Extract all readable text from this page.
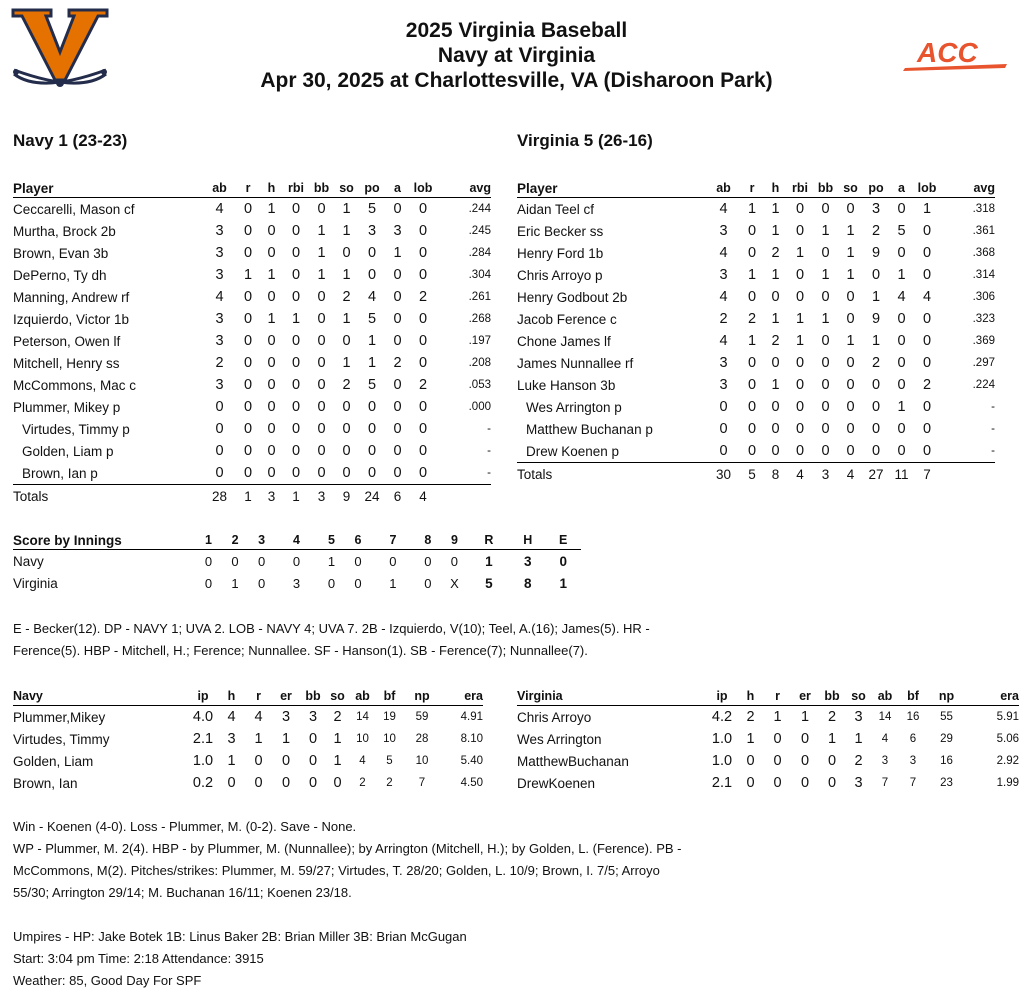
2025 Virginia Baseball
Navy at Virginia
Apr 30, 2025 at Charlottesville, VA (Disharoon Park)
ACC
Navy 1 (23-23)	Virginia 5 (26-16)
Player	ab	r	h	rbi	bb	so	po	a	lob	avg
Ceccarelli, Mason cf	4	0	1	0	0	1	5	0	0	.244
Murtha, Brock 2b	3	0	0	0	1	1	3	3	0	.245
Brown, Evan 3b	3	0	0	0	1	0	0	1	0	.284
DePerno, Ty dh	3	1	1	0	1	1	0	0	0	.304
Manning, Andrew rf	4	0	0	0	0	2	4	0	2	.261
Izquierdo, Victor 1b	3	0	1	1	0	1	5	0	0	.268
Peterson, Owen lf	3	0	0	0	0	0	1	0	0	.197
Mitchell, Henry ss	2	0	0	0	0	1	1	2	0	.208
McCommons, Mac c	3	0	0	0	0	2	5	0	2	.053
Plummer, Mikey p	0	0	0	0	0	0	0	0	0	.000
Virtudes, Timmy p	0	0	0	0	0	0	0	0	0	-
Golden, Liam p	0	0	0	0	0	0	0	0	0	-
Brown, Ian p	0	0	0	0	0	0	0	0	0	-
Totals	28	1	3	1	3	9	24	6	4	
Player	ab	r	h	rbi	bb	so	po	a	lob	avg
Aidan Teel cf	4	1	1	0	0	0	3	0	1	.318
Eric Becker ss	3	0	1	0	1	1	2	5	0	.361
Henry Ford 1b	4	0	2	1	0	1	9	0	0	.368
Chris Arroyo p	3	1	1	0	1	1	0	1	0	.314
Henry Godbout 2b	4	0	0	0	0	0	1	4	4	.306
Jacob Ference c	2	2	1	1	1	0	9	0	0	.323
Chone James lf	4	1	2	1	0	1	1	0	0	.369
James Nunnallee rf	3	0	0	0	0	0	2	0	0	.297
Luke Hanson 3b	3	0	1	0	0	0	0	0	2	.224
Wes Arrington p	0	0	0	0	0	0	0	1	0	-
Matthew Buchanan p	0	0	0	0	0	0	0	0	0	-
Drew Koenen p	0	0	0	0	0	0	0	0	0	-
Totals	30	5	8	4	3	4	27	11	7	
Score by Innings	1	2	3	4	5	6	7	8	9	R	H	E
Navy	0	0	0	0	1	0	0	0	0	1	3	0
Virginia	0	1	0	3	0	0	1	0	X	5	8	1
E - Becker(12). DP - NAVY 1; UVA 2. LOB - NAVY 4; UVA 7. 2B - Izquierdo, V(10); Teel, A.(16); James(5). HR -
Ference(5). HBP - Mitchell, H.; Ference; Nunnallee. SF - Hanson(1). SB - Ference(7); Nunnallee(7).
Navy	ip	h	r	er	bb	so	ab	bf	np	era
Plummer,Mikey	4.0	4	4	3	3	2	14	19	59	4.91
Virtudes, Timmy	2.1	3	1	1	0	1	10	10	28	8.10
Golden, Liam	1.0	1	0	0	0	1	4	5	10	5.40
Brown, Ian	0.2	0	0	0	0	0	2	2	7	4.50
Virginia	ip	h	r	er	bb	so	ab	bf	np	era
Chris Arroyo	4.2	2	1	1	2	3	14	16	55	5.91
Wes Arrington	1.0	1	0	0	1	1	4	6	29	5.06
MatthewBuchanan	1.0	0	0	0	0	2	3	3	16	2.92
DrewKoenen	2.1	0	0	0	0	3	7	7	23	1.99
Win - Koenen (4-0). Loss - Plummer, M. (0-2). Save - None.
WP - Plummer, M. 2(4). HBP - by Plummer, M. (Nunnallee); by Arrington (Mitchell, H.); by Golden, L. (Ference). PB -
McCommons, M(2). Pitches/strikes: Plummer, M. 59/27; Virtudes, T. 28/20; Golden, L. 10/9; Brown, I. 7/5; Arroyo
55/30; Arrington 29/14; M. Buchanan 16/11; Koenen 23/18.
Umpires - HP: Jake Botek 1B: Linus Baker 2B: Brian Miller 3B: Brian McGugan
Start: 3:04 pm Time: 2:18 Attendance: 3915
Weather: 85, Good Day For SPF
